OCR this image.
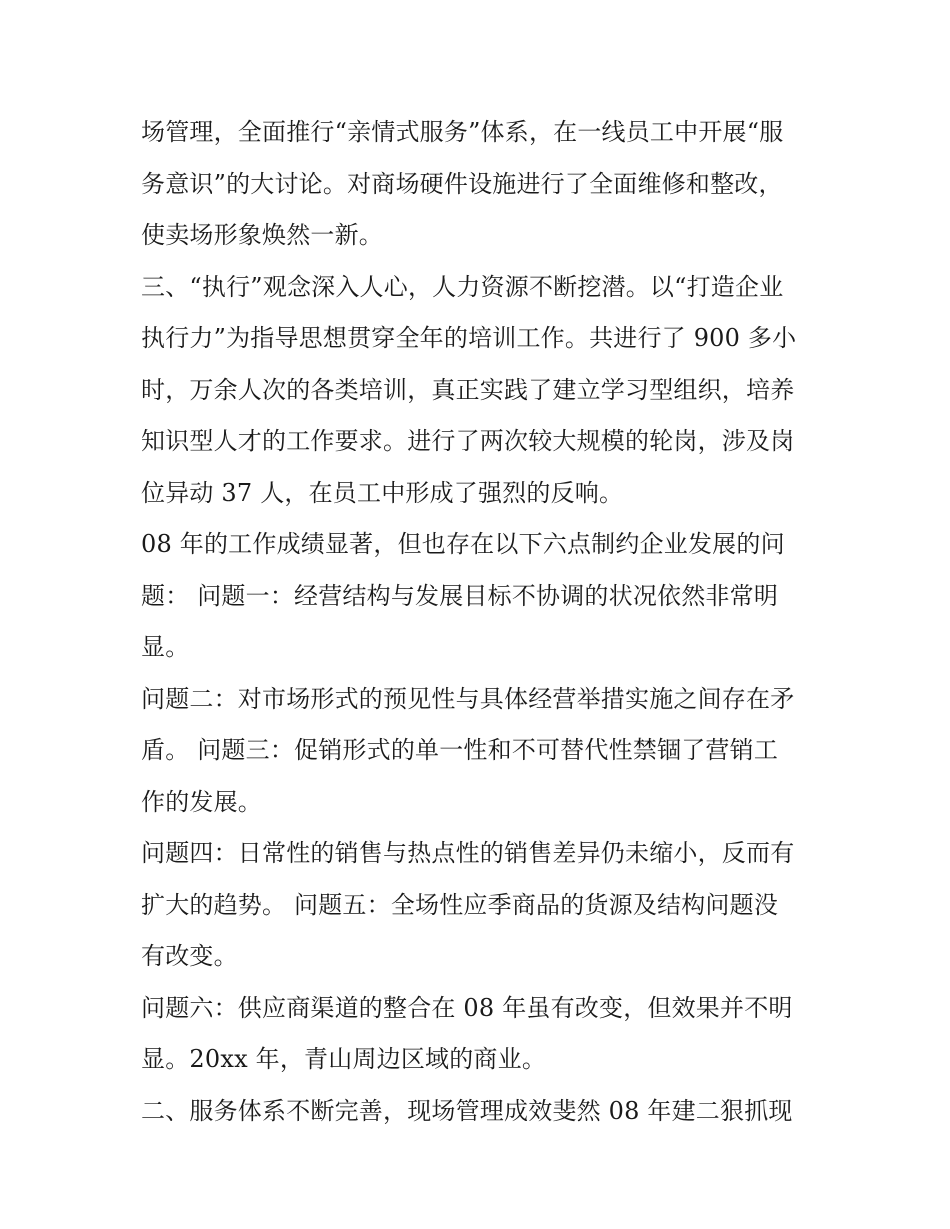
场管理，全面推行“亲情式服务”体系，在一线员工中开展“服
务意识”的大讨论。对商场硬件设施进行了全面维修和整改，
使卖场形象焕然一新。
三、“执行”观念深入人心，人力资源不断挖潜。以“打造企业
执行力”为指导思想贯穿全年的培训工作。共进行了 900 多小
时，万余人次的各类培训，真正实践了建立学习型组织，培养
知识型人才的工作要求。进行了两次较大规模的轮岗，涉及岗
位异动 37 人，在员工中形成了强烈的反响。
08 年的工作成绩显著，但也存在以下六点制约企业发展的问
题： 问题一：经营结构与发展目标不协调的状况依然非常明
显。
问题二：对市场形式的预见性与具体经营举措实施之间存在矛
盾。 问题三：促销形式的单一性和不可替代性禁锢了营销工
作的发展。
问题四：日常性的销售与热点性的销售差异仍未缩小，反而有
扩大的趋势。 问题五：全场性应季商品的货源及结构问题没
有改变。
问题六：供应商渠道的整合在 08 年虽有改变，但效果并不明
显。20xx 年，青山周边区域的商业。
二、服务体系不断完善，现场管理成效斐然 08 年建二狠抓现
